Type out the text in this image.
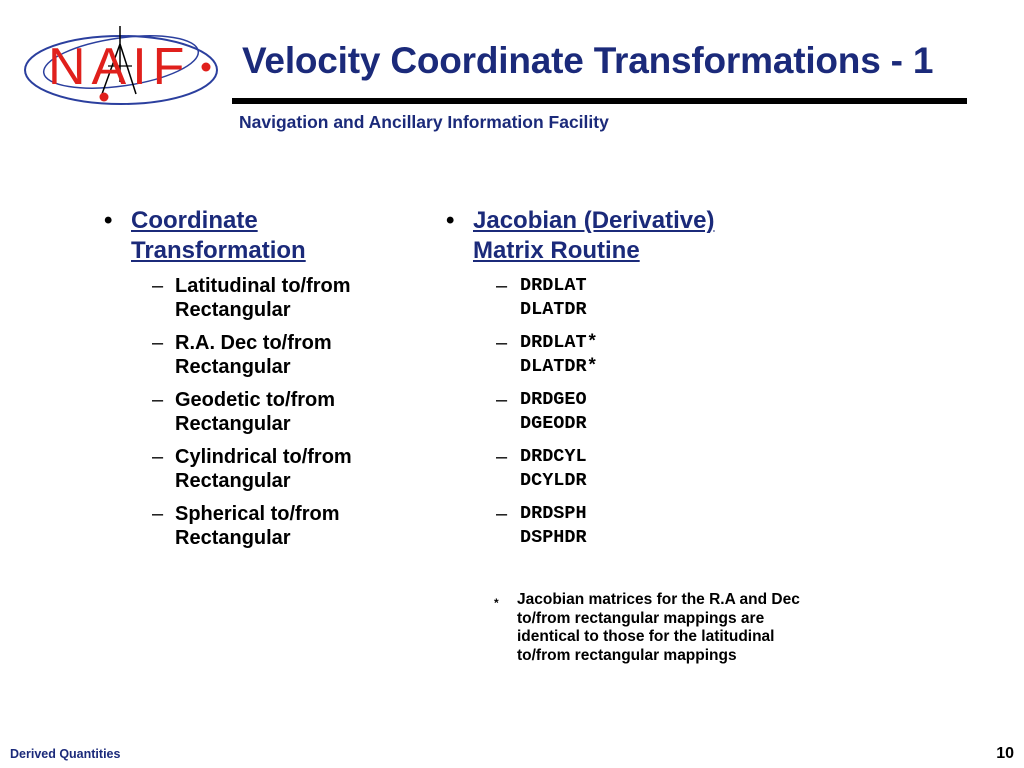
NAIF Velocity Coordinate Transformations - 1
Navigation and Ancillary Information Facility
• Coordinate
Transformation
– Latitudinal to/from
Rectangular
– R.A. Dec to/from
Rectangular
– Geodetic to/from
Rectangular
– Cylindrical to/from
Rectangular
– Spherical to/from
Rectangular
• Jacobian (Derivative)
Matrix Routine
– DRDLAT
DLATDR
– DRDLAT*
DLATDR*
– DRDGEO
DGEODR
– DRDCYL
DCYLDR
– DRDSPH
DSPHDR
* Jacobian matrices for the R.A and Dec
to/from rectangular mappings are
identical to those for the latitudinal
to/from rectangular mappings
Derived Quantities	10
